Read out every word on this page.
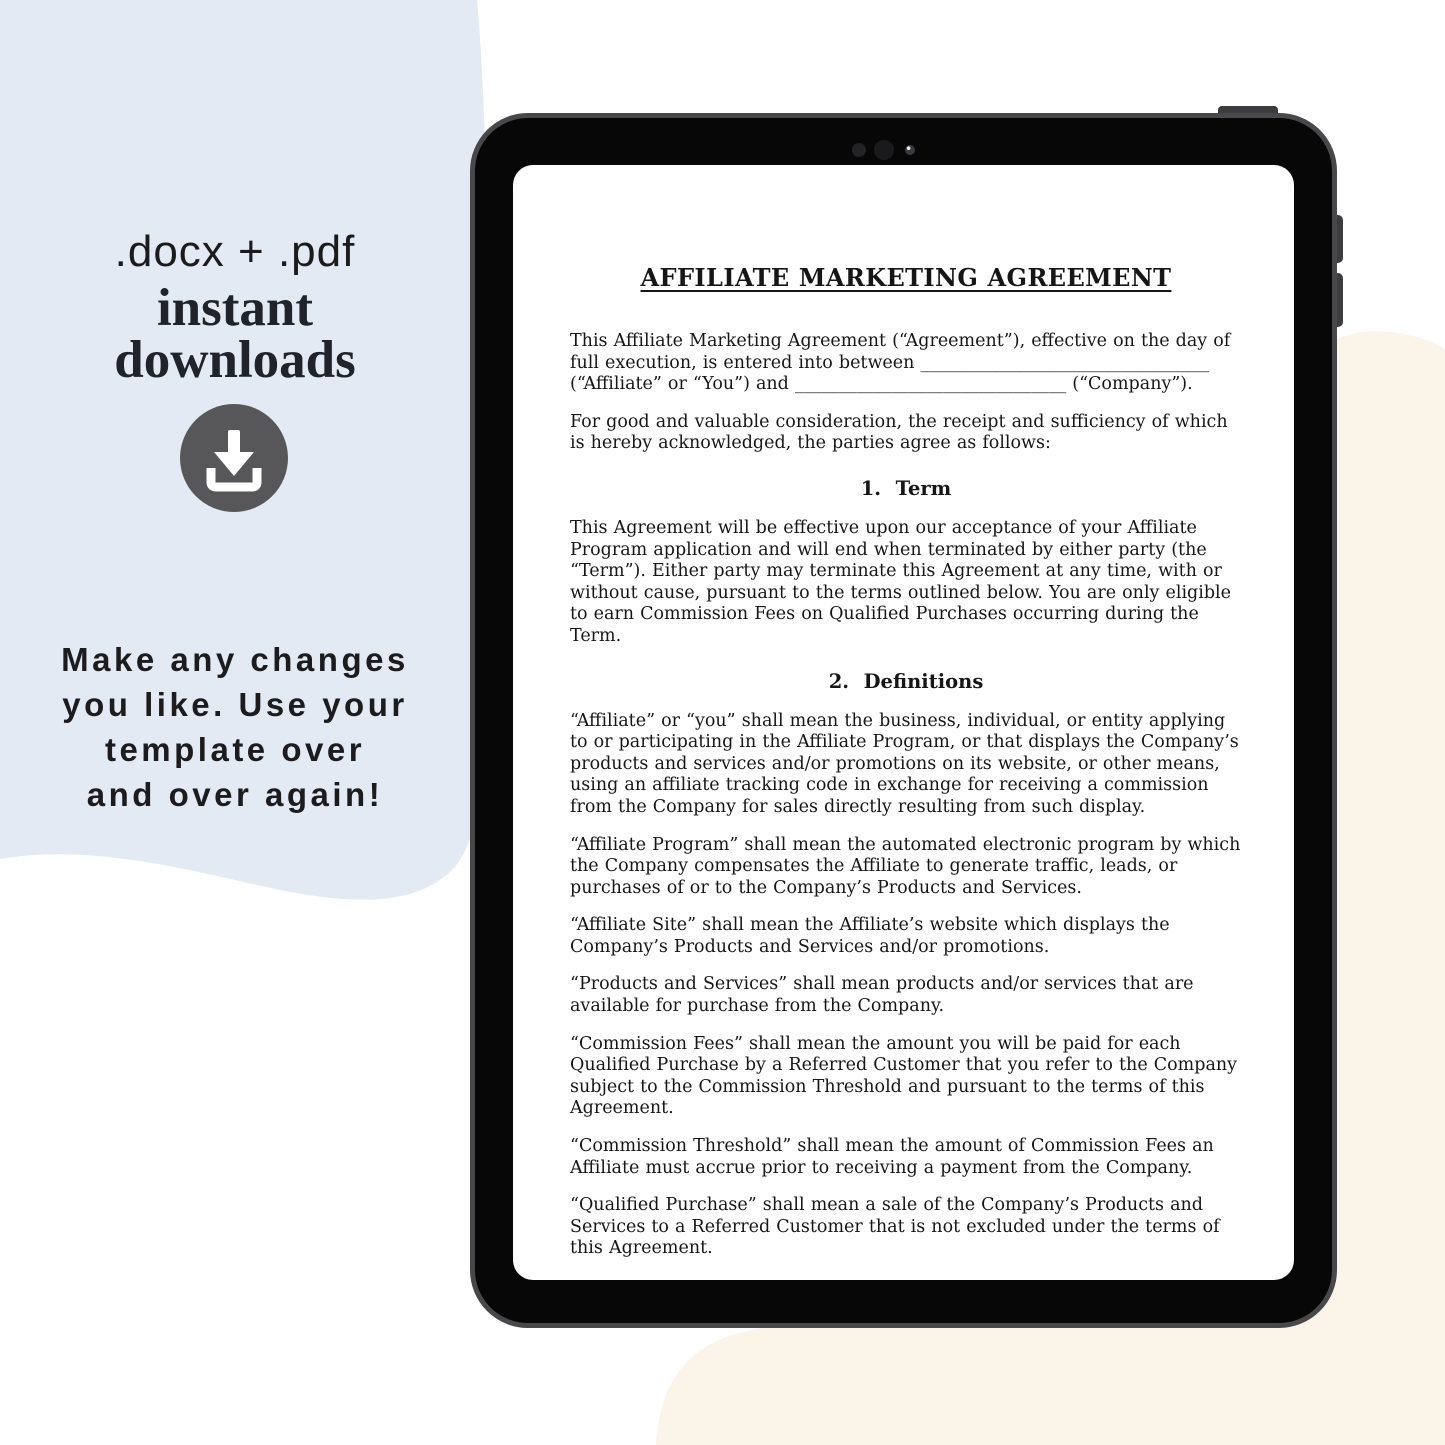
.docx + .pdf
instant
downloads
Make any changes
you like. Use your
template over
and over again!
AFFILIATE MARKETING AGREEMENT

This Affiliate Marketing Agreement (“Agreement”), effective on the day of full execution, is entered into between _________________________________ (“Affiliate” or “You”) and _______________________________ (“Company”).

For good and valuable consideration, the receipt and sufficiency of which is hereby acknowledged, the parties agree as follows:

1.  Term

This Agreement will be effective upon our acceptance of your Affiliate Program application and will end when terminated by either party (the “Term”). Either party may terminate this Agreement at any time, with or without cause, pursuant to the terms outlined below. You are only eligible to earn Commission Fees on Qualified Purchases occurring during the Term.

2.  Definitions

“Affiliate” or “you” shall mean the business, individual, or entity applying to or participating in the Affiliate Program, or that displays the Company’s products and services and/or promotions on its website, or other means, using an affiliate tracking code in exchange for receiving a commission from the Company for sales directly resulting from such display.

“Affiliate Program” shall mean the automated electronic program by which the Company compensates the Affiliate to generate traffic, leads, or purchases of or to the Company’s Products and Services.

“Affiliate Site” shall mean the Affiliate’s website which displays the Company’s Products and Services and/or promotions.

“Products and Services” shall mean products and/or services that are available for purchase from the Company.

“Commission Fees” shall mean the amount you will be paid for each Qualified Purchase by a Referred Customer that you refer to the Company subject to the Commission Threshold and pursuant to the terms of this Agreement.

“Commission Threshold” shall mean the amount of Commission Fees an Affiliate must accrue prior to receiving a payment from the Company.

“Qualified Purchase” shall mean a sale of the Company’s Products and Services to a Referred Customer that is not excluded under the terms of this Agreement.
